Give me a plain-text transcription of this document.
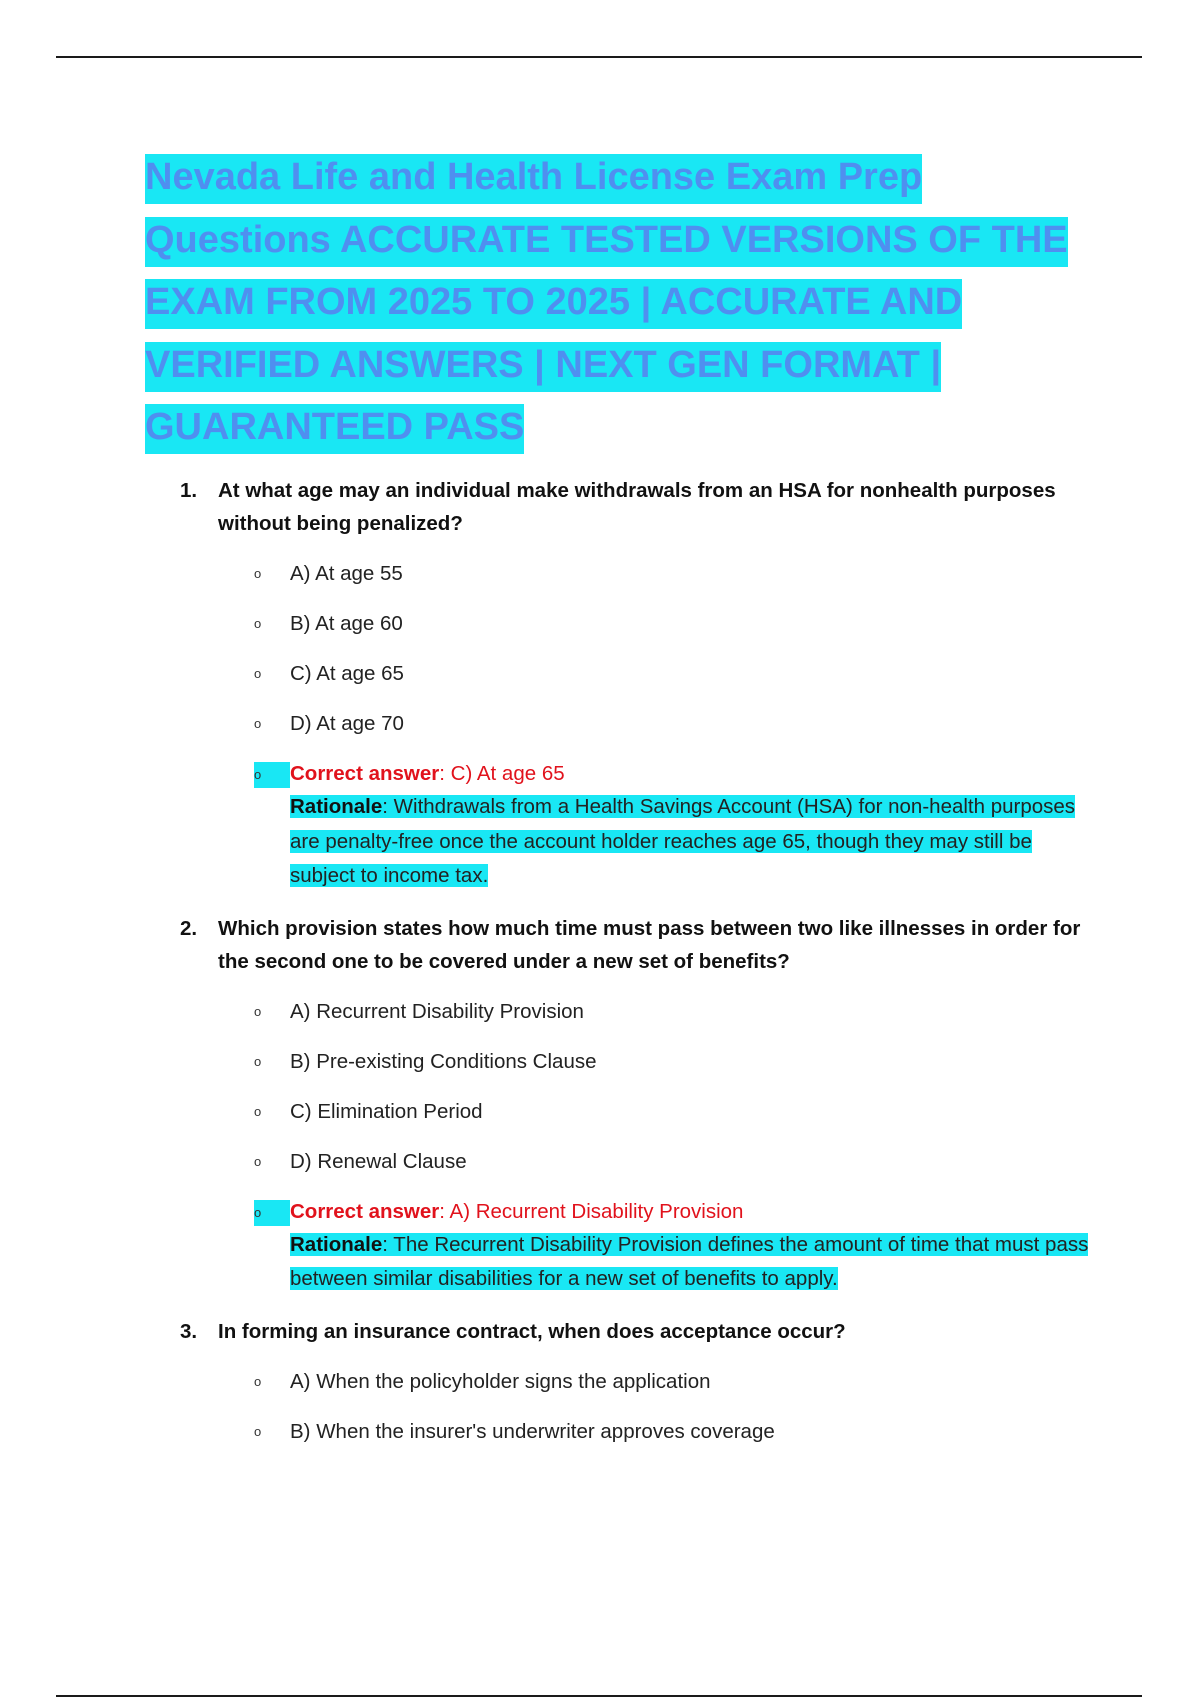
Nevada Life and Health License Exam Prep Questions ACCURATE TESTED VERSIONS OF THE EXAM FROM 2025 TO 2025 | ACCURATE AND VERIFIED ANSWERS | NEXT GEN FORMAT | GUARANTEED PASS
1. At what age may an individual make withdrawals from an HSA for nonhealth purposes without being penalized?
o A) At age 55
o B) At age 60
o C) At age 65
o D) At age 70
o	Correct answer: C) At age 65
Rationale: Withdrawals from a Health Savings Account (HSA) for non-health purposes are penalty-free once the account holder reaches age 65, though they may still be subject to income tax.
2. Which provision states how much time must pass between two like illnesses in order for the second one to be covered under a new set of benefits?
o A) Recurrent Disability Provision
o B) Pre-existing Conditions Clause
o C) Elimination Period
o D) Renewal Clause
o	Correct answer: A) Recurrent Disability Provision
Rationale: The Recurrent Disability Provision defines the amount of time that must pass between similar disabilities for a new set of benefits to apply.
3. In forming an insurance contract, when does acceptance occur?
o A) When the policyholder signs the application
o B) When the insurer's underwriter approves coverage
